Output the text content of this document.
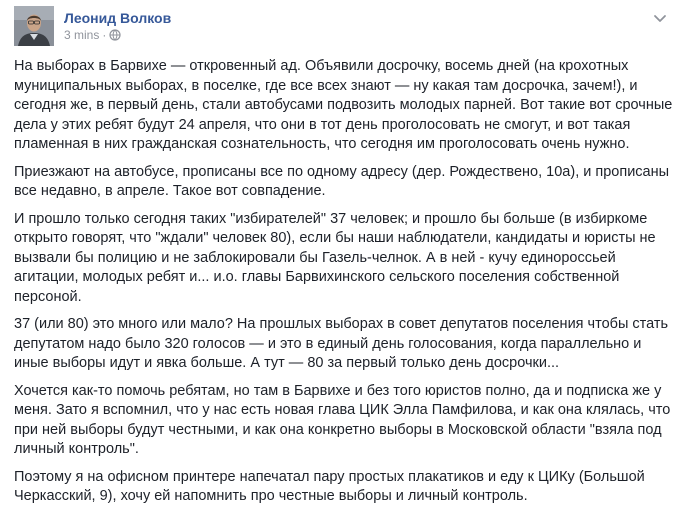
Леонид Волков
3 mins ·

На выборах в Барвихе — откровенный ад. Объявили досрочку, восемь дней (на крохотных муниципальных выборах, в поселке, где все всех знают — ну какая там досрочка, зачем!), и сегодня же, в первый день, стали автобусами подвозить молодых парней. Вот такие вот срочные дела у этих ребят будут 24 апреля, что они в тот день проголосовать не смогут, и вот такая пламенная в них гражданская сознательность, что сегодня им проголосовать очень нужно.

Приезжают на автобусе, прописаны все по одному адресу (дер. Рождествено, 10а), и прописаны все недавно, в апреле. Такое вот совпадение.

И прошло только сегодня таких "избирателей" 37 человек; и прошло бы больше (в избиркоме открыто говорят, что "ждали" человек 80), если бы наши наблюдатели, кандидаты и юристы не вызвали бы полицию и не заблокировали бы Газель-челнок. А в ней - кучу единороссьей агитации, молодых ребят и... и.о. главы Барвихинского сельского поселения собственной персоной.

37 (или 80) это много или мало? На прошлых выборах в совет депутатов поселения чтобы стать депутатом надо было 320 голосов — и это в единый день голосования, когда параллельно и иные выборы идут и явка больше. А тут — 80 за первый только день досрочки...

Хочется как-то помочь ребятам, но там в Барвихе и без того юристов полно, да и подписка же у меня. Зато я вспомнил, что у нас есть новая глава ЦИК Элла Памфилова, и как она клялась, что при ней выборы будут честными, и как она конкретно выборы в Московской области "взяла под личный контроль".

Поэтому я на офисном принтере напечатал пару простых плакатиков и еду к ЦИКу (Большой Черкасский, 9), хочу ей напомнить про честные выборы и личный контроль.
